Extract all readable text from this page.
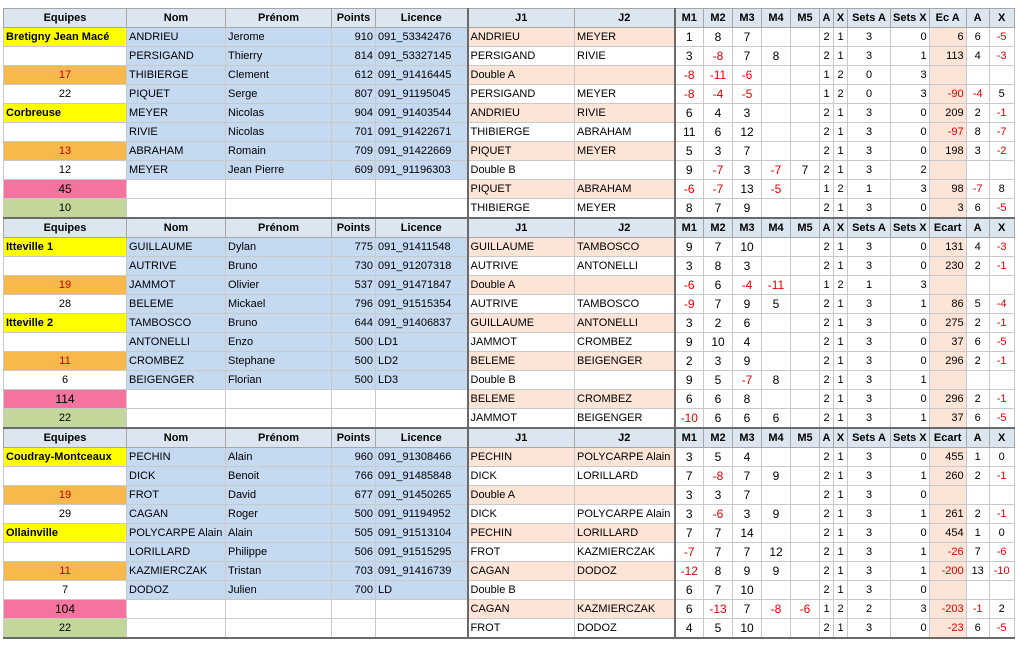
Equipes	Nom	Prénom	Points	Licence	J1	J2	M1	M2	M3	M4	M5	A	X	Sets A	Sets X	Ec A	A	X
Bretigny Jean Macé	ANDRIEU	Jerome	910	091_53342476	ANDRIEU	MEYER	1	8	7			2	1	3	0	6	6	-5
	PERSIGAND	Thierry	814	091_53327145	PERSIGAND	RIVIE	3	-8	7	8		2	1	3	1	113	4	-3
17	THIBIERGE	Clement	612	091_91416445	Double A		-8	-11	-6			1	2	0	3			
22	PIQUET	Serge	807	091_91195045	PERSIGAND	MEYER	-8	-4	-5			1	2	0	3	-90	-4	5
Corbreuse	MEYER	Nicolas	904	091_91403544	ANDRIEU	RIVIE	6	4	3			2	1	3	0	209	2	-1
	RIVIE	Nicolas	701	091_91422671	THIBIERGE	ABRAHAM	11	6	12			2	1	3	0	-97	8	-7
13	ABRAHAM	Romain	709	091_91422669	PIQUET	MEYER	5	3	7			2	1	3	0	198	3	-2
12	MEYER	Jean Pierre	609	091_91196303	Double B		9	-7	3	-7	7	2	1	3	2			
45					PIQUET	ABRAHAM	-6	-7	13	-5		1	2	1	3	98	-7	8
10					THIBIERGE	MEYER	8	7	9			2	1	3	0	3	6	-5
Equipes	Nom	Prénom	Points	Licence	J1	J2	M1	M2	M3	M4	M5	A	X	Sets A	Sets X	Ecart	A	X
Itteville 1	GUILLAUME	Dylan	775	091_91411548	GUILLAUME	TAMBOSCO	9	7	10			2	1	3	0	131	4	-3
	AUTRIVE	Bruno	730	091_91207318	AUTRIVE	ANTONELLI	3	8	3			2	1	3	0	230	2	-1
19	JAMMOT	Olivier	537	091_91471847	Double A		-6	6	-4	-11		1	2	1	3			
28	BELEME	Mickael	796	091_91515354	AUTRIVE	TAMBOSCO	-9	7	9	5		2	1	3	1	86	5	-4
Itteville 2	TAMBOSCO	Bruno	644	091_91406837	GUILLAUME	ANTONELLI	3	2	6			2	1	3	0	275	2	-1
	ANTONELLI	Enzo	500	LD1	JAMMOT	CROMBEZ	9	10	4			2	1	3	0	37	6	-5
11	CROMBEZ	Stephane	500	LD2	BELEME	BEIGENGER	2	3	9			2	1	3	0	296	2	-1
6	BEIGENGER	Florian	500	LD3	Double B		9	5	-7	8		2	1	3	1			
114					BELEME	CROMBEZ	6	6	8			2	1	3	0	296	2	-1
22					JAMMOT	BEIGENGER	-10	6	6	6		2	1	3	1	37	6	-5
Equipes	Nom	Prénom	Points	Licence	J1	J2	M1	M2	M3	M4	M5	A	X	Sets A	Sets X	Ecart	A	X
Coudray-Montceaux	PECHIN	Alain	960	091_91308466	PECHIN	POLYCARPE Alain	3	5	4			2	1	3	0	455	1	0
	DICK	Benoit	766	091_91485848	DICK	LORILLARD	7	-8	7	9		2	1	3	1	260	2	-1
19	FROT	David	677	091_91450265	Double A		3	3	7			2	1	3	0			
29	CAGAN	Roger	500	091_91194952	DICK	POLYCARPE Alain	3	-6	3	9		2	1	3	1	261	2	-1
Ollainville	POLYCARPE Alain	Alain	505	091_91513104	PECHIN	LORILLARD	7	7	14			2	1	3	0	454	1	0
	LORILLARD	Philippe	506	091_91515295	FROT	KAZMIERCZAK	-7	7	7	12		2	1	3	1	-26	7	-6
11	KAZMIERCZAK	Tristan	703	091_91416739	CAGAN	DODOZ	-12	8	9	9		2	1	3	1	-200	13	-10
7	DODOZ	Julien	700	LD	Double B		6	7	10			2	1	3	0			
104					CAGAN	KAZMIERCZAK	6	-13	7	-8	-6	1	2	2	3	-203	-1	2
22					FROT	DODOZ	4	5	10			2	1	3	0	-23	6	-5
